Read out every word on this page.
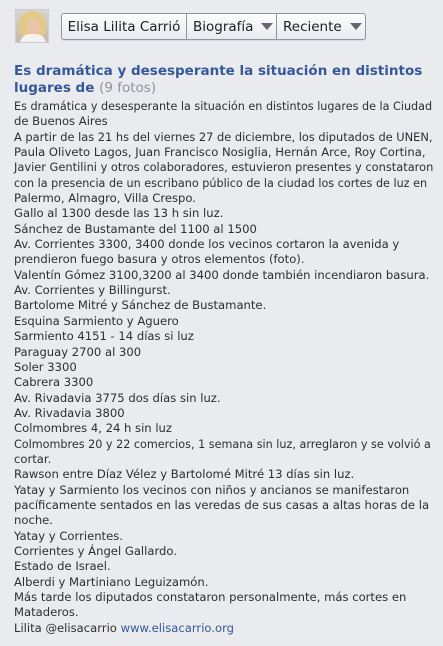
Elisa Lilita Carrió Biografía Reciente
Es dramática y desesperante la situación en distintos
lugares de (9 fotos)
Es dramática y desesperante la situación en distintos lugares de la Ciudad
de Buenos Aires
A partir de las 21 hs del viernes 27 de diciembre, los diputados de UNEN,
Paula Oliveto Lagos, Juan Francisco Nosiglia, Hernán Arce, Roy Cortina,
Javier Gentilini y otros colaboradores, estuvieron presentes y constataron
con la presencia de un escribano público de la ciudad los cortes de luz en
Palermo, Almagro, Villa Crespo.
Gallo al 1300 desde las 13 h sin luz.
Sánchez de Bustamante del 1100 al 1500
Av. Corrientes 3300, 3400 donde los vecinos cortaron la avenida y
prendieron fuego basura y otros elementos (foto).
Valentín Gómez 3100,3200 al 3400 donde también incendiaron basura.
Av. Corrientes y Billingurst.
Bartolome Mitré y Sánchez de Bustamante.
Esquina Sarmiento y Aguero
Sarmiento 4151 - 14 días si luz
Paraguay 2700 al 300
Soler 3300
Cabrera 3300
Av. Rivadavia 3775 dos días sin luz.
Av. Rivadavia 3800
Colmombres 4, 24 h sin luz
Colmombres 20 y 22 comercios, 1 semana sin luz, arreglaron y se volvió a
cortar.
Rawson entre Díaz Vélez y Bartolomé Mitré 13 días sin luz.
Yatay y Sarmiento los vecinos con niños y ancianos se manifestaron
pacíficamente sentados en las veredas de sus casas a altas horas de la
noche.
Yatay y Corrientes.
Corrientes y Ángel Gallardo.
Estado de Israel.
Alberdi y Martiniano Leguizamón.
Más tarde los diputados constataron personalmente, más cortes en
Mataderos.
Lilita @elisacarrio www.elisacarrio.org
